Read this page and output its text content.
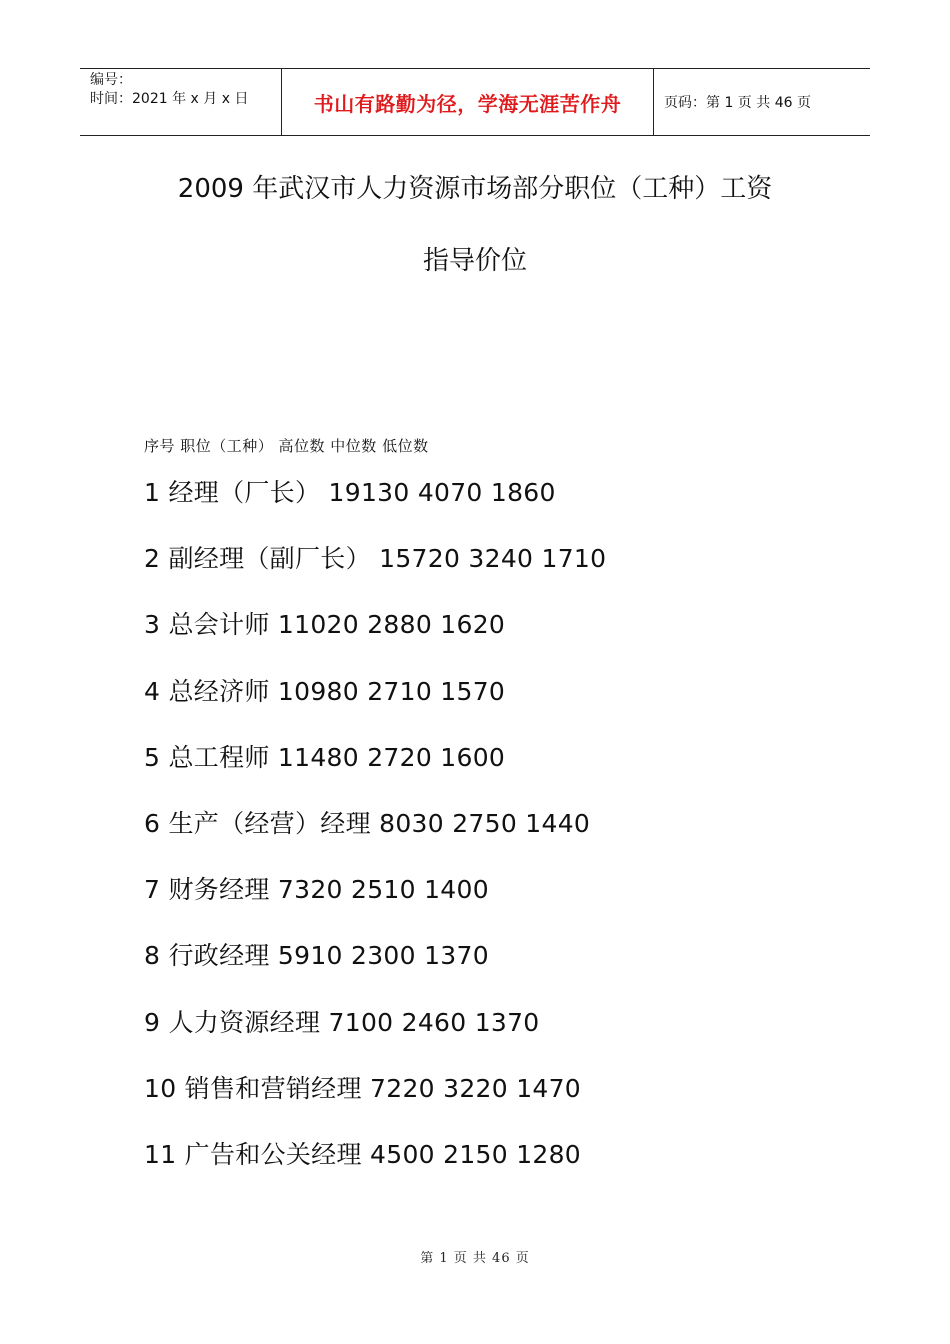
编号：
时间：2021 年 x 月 x 日	书山有路勤为径，学海无涯苦作舟	页码：第 1 页 共 46 页
2009 年武汉市人力资源市场部分职位（工种）工资
指导价位
序号 职位（工种） 高位数 中位数 低位数
1 经理（厂长） 19130 4070 1860
2 副经理（副厂长） 15720 3240 1710
3 总会计师 11020 2880 1620
4 总经济师 10980 2710 1570
5 总工程师 11480 2720 1600
6 生产（经营）经理 8030 2750 1440
7 财务经理 7320 2510 1400
8 行政经理 5910 2300 1370
9 人力资源经理 7100 2460 1370
10 销售和营销经理 7220 3220 1470
11 广告和公关经理 4500 2150 1280
第 1 页 共 46 页
